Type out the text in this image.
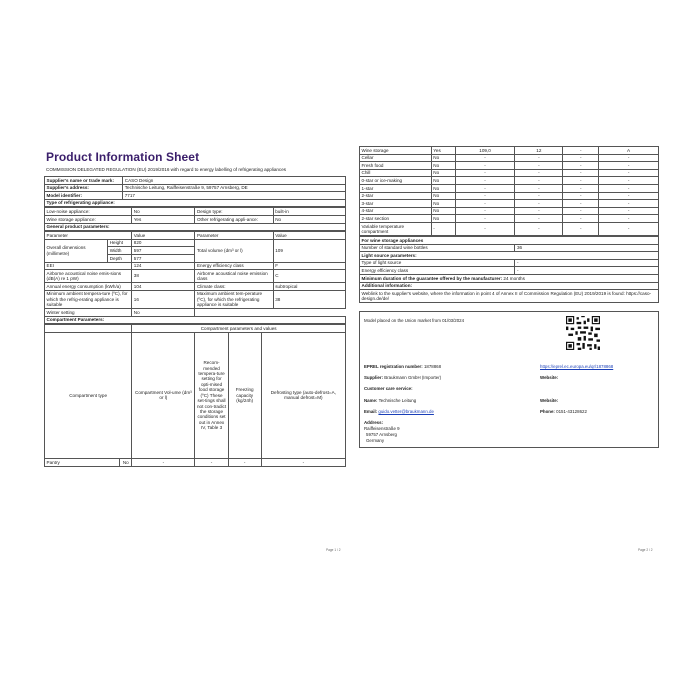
Product Information Sheet
COMMISSION DELEGATED REGULATION (EU) 2019/2016 with regard to energy labelling of refrigerating appliances
Supplier's name or trade mark:	CASO Design
Supplier's address:	Technische Leitung, Raiffeisenstraße 9, 59757 Arnsberg, DE
Model identifier:	7717
Type of refrigerating appliance:	
Low-noise appliance:	No	Design type:	built-in
Wine storage appliance:	Yes	Other refrigerating appli-ance:	No
General product parameters:			
Parameter		Value	Parameter	Value
Overall dimensions (millimetre)	Height	820	Total volume (dm³ or l)	109
	Width	597		
	Depth	577		
EEI		124	Energy efficiency class	F
Airborne acoustical noise emis-sions (dB(A) re 1 pW)		38	Airborne acoustical noise emission class	C
Annual energy consumption (kWh/a)		104	Climate class:	subtropical
Minimum ambient tempera-ture (ºC), for which the refrig-erating appliance is suitable		16	Maximum ambient tem-perature (ºC), for which the refrigerating appliance is suitable	38
Winter setting		No		
Compartment Parameters:				
		Compartment parameters and values			

Compartment type		Compartment Vol-ume (dm³ or l)	Recom-mended tempera-ture setting for opti-mised food storage (ºC) These set-tings shall not con-tradict the storage conditions set out in Annex IV, Table 3	Freezing capacity (kg/24h)	Defrosting type (auto-defrost=A, manual defrost=M)
Pantry	No	-	-	-	-
Page 1 / 2
Wine storage	Yes	109,0	12	-	A
Cellar	No	-	-	-	-
Fresh food	No	-	-	-	-
Chill	No	-	-	-	-
0-star or ice-making	No	-	-	-	-
1-star	No	-	-	-	-
2-star	No	-	-	-	-
3-star	No	-	-	-	-
4-star	No	-	-	-	-
2-star section	No	-	-	-	-
Variable temperature compartment	-	-	-	-	-
For wine storage appliances	
Number of standard wine bottles	36
Light source parameters:	
Type of light source	-
Energy efficiency class	-
Minimum duration of the guarantee offered by the manufacturer: 24 months	
Additional information:	
Weblink to the supplier's website, where the information in point 4 of Annex II of Commission Regulation (EU) 2019/2019 is found: https://caso-design.de/de/	
Model placed on the Union market from 01/03/2024
EPREL registration number: 1878868	https://eprel.ec.europa.eu/qr/1878868
Supplier: Braukmann GmbH (Importer)	Website:
Customer care service:
Name: Technische Leitung	Website:
Email: guido.vetter@braukmann.de	Phone: 0151-43128622
Address:
Raiffeisenstraße 9
59757 Arnsberg
Germany
Page 2 / 2
